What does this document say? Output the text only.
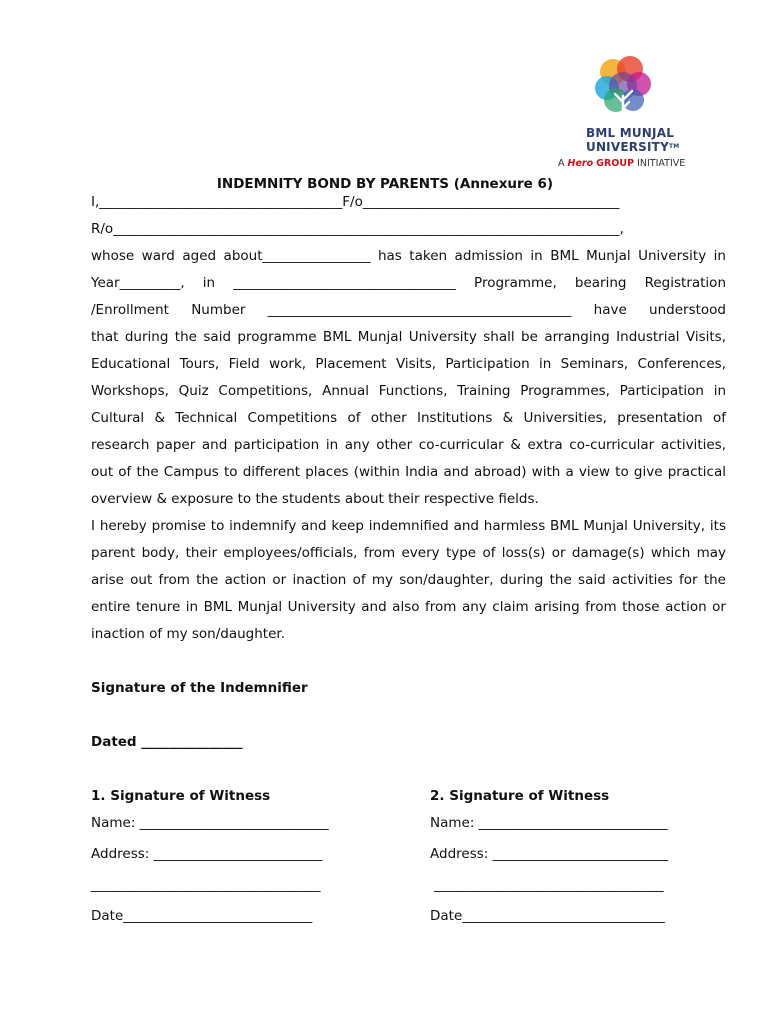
BML MUNJAL
UNIVERSITY™
A Hero GROUP INITIATIVE
INDEMNITY BOND BY PARENTS (Annexure 6)
I,____________________________________F/o______________________________________
R/o___________________________________________________________________________,
whose ward aged about________________ has taken admission in BML Munjal University in
Year_________, in _________________________________ Programme, bearing Registration
/Enrollment Number _____________________________________________ have understood
that during the said programme BML Munjal University shall be arranging Industrial Visits,
Educational Tours, Field work, Placement Visits, Participation in Seminars, Conferences,
Workshops, Quiz Competitions, Annual Functions, Training Programmes, Participation in
Cultural & Technical Competitions of other Institutions & Universities, presentation of
research paper and participation in any other co-curricular & extra co-curricular activities,
out of the Campus to different places (within India and abroad) with a view to give practical
overview & exposure to the students about their respective fields.
I hereby promise to indemnify and keep indemnified and harmless BML Munjal University, its
parent body, their employees/officials, from every type of loss(s) or damage(s) which may
arise out from the action or inaction of my son/daughter, during the said activities for the
entire tenure in BML Munjal University and also from any claim arising from those action or
inaction of my son/daughter.
Signature of the Indemnifier
Dated _______________
1. Signature of Witness
Name: ____________________________
Address: _________________________
__________________________________
Date____________________________
2. Signature of Witness
Name: ____________________________
Address: __________________________
__________________________________
Date______________________________
